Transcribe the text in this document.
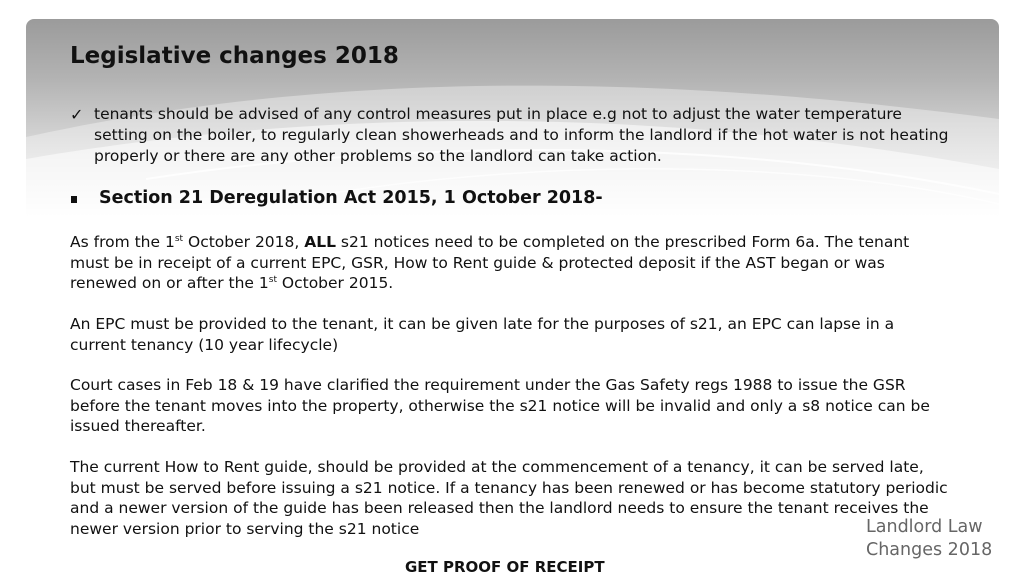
Legislative changes 2018
✓ tenants should be advised of any control measures put in place e.g not to adjust the water temperature setting on the boiler, to regularly clean showerheads and to inform the landlord if the hot water is not heating properly or there are any other problems so the landlord can take action.
Section 21 Deregulation Act 2015, 1 October 2018-

As from the 1st October 2018, ALL s21 notices need to be completed on the prescribed Form 6a. The tenant must be in receipt of a current EPC, GSR, How to Rent guide & protected deposit if the AST began or was renewed on or after the 1st October 2015.

An EPC must be provided to the tenant, it can be given late for the purposes of s21, an EPC can lapse in a current tenancy (10 year lifecycle)

Court cases in Feb 18 & 19 have clarified the requirement under the Gas Safety regs 1988 to issue the GSR before the tenant moves into the property, otherwise the s21 notice will be invalid and only a s8 notice can be issued thereafter.

The current How to Rent guide, should be provided at the commencement of a tenancy, it can be served late, but must be served before issuing a s21 notice. If a tenancy has been renewed or has become statutory periodic and a newer version of the guide has been released then the landlord needs to ensure the tenant receives the newer version prior to serving the s21 notice

GET PROOF OF RECEIPT
Landlord Law
Changes 2018
